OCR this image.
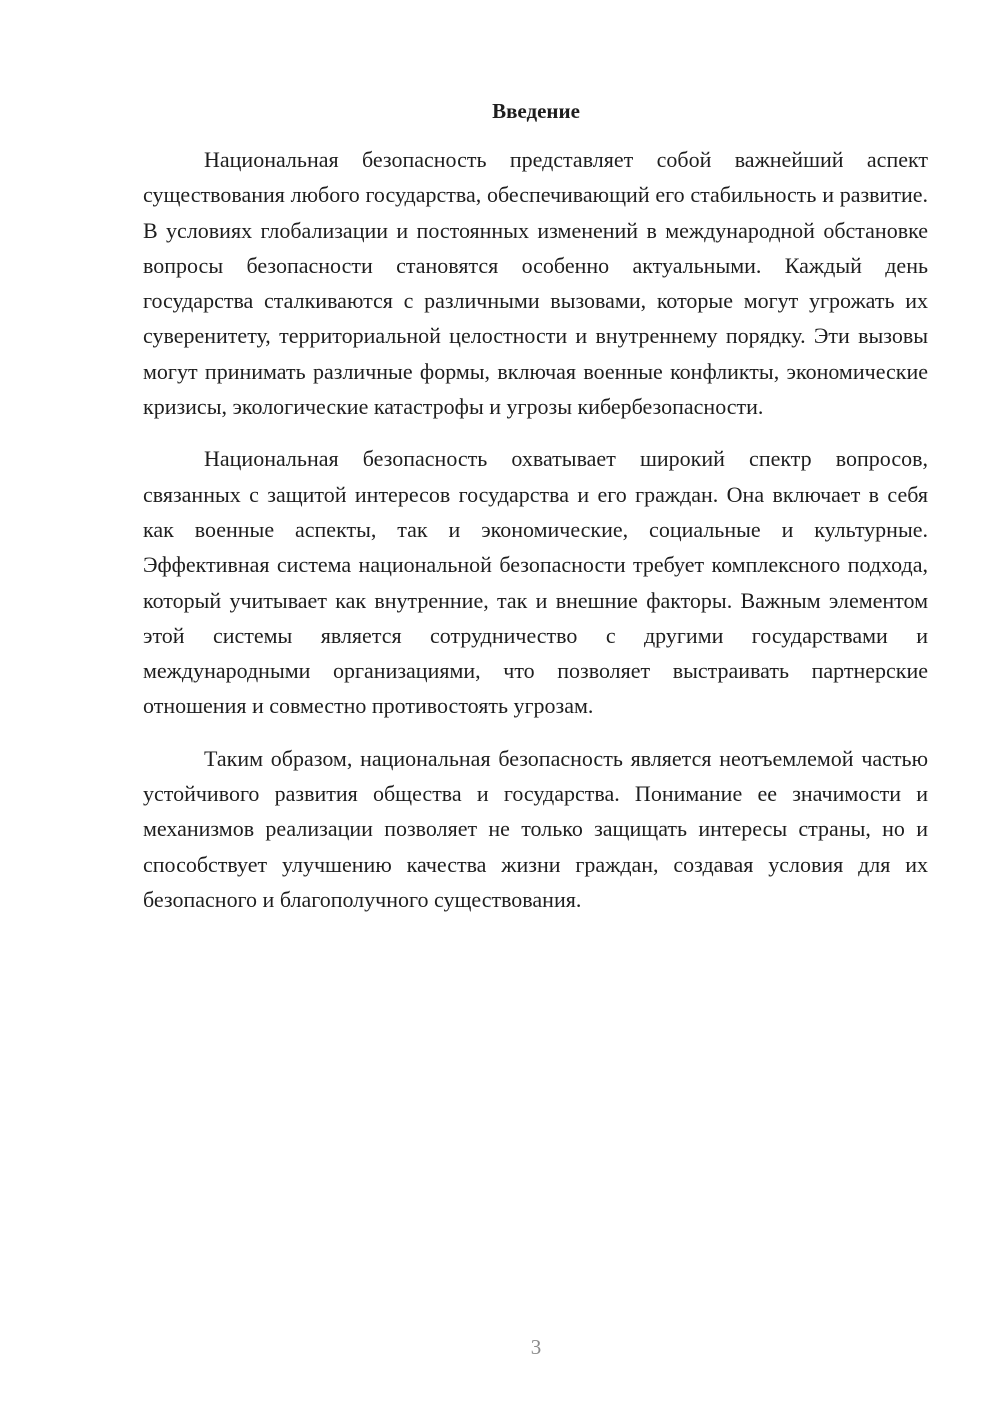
Введение

Национальная безопасность представляет собой важнейший аспект существования любого государства, обеспечивающий его стабильность и развитие. В условиях глобализации и постоянных изменений в международной обстановке вопросы безопасности становятся особенно актуальными. Каждый день государства сталкиваются с различными вызовами, которые могут угрожать их суверенитету, территориальной целостности и внутреннему порядку. Эти вызовы могут принимать различные формы, включая военные конфликты, экономические кризисы, экологические катастрофы и угрозы кибербезопасности.

Национальная безопасность охватывает широкий спектр вопросов, связанных с защитой интересов государства и его граждан. Она включает в себя как военные аспекты, так и экономические, социальные и культурные. Эффективная система национальной безопасности требует комплексного подхода, который учитывает как внутренние, так и внешние факторы. Важным элементом этой системы является сотрудничество с другими государствами и международными организациями, что позволяет выстраивать партнерские отношения и совместно противостоять угрозам.

Таким образом, национальная безопасность является неотъемлемой частью устойчивого развития общества и государства. Понимание ее значимости и механизмов реализации позволяет не только защищать интересы страны, но и способствует улучшению качества жизни граждан, создавая условия для их безопасного и благополучного существования.

3
